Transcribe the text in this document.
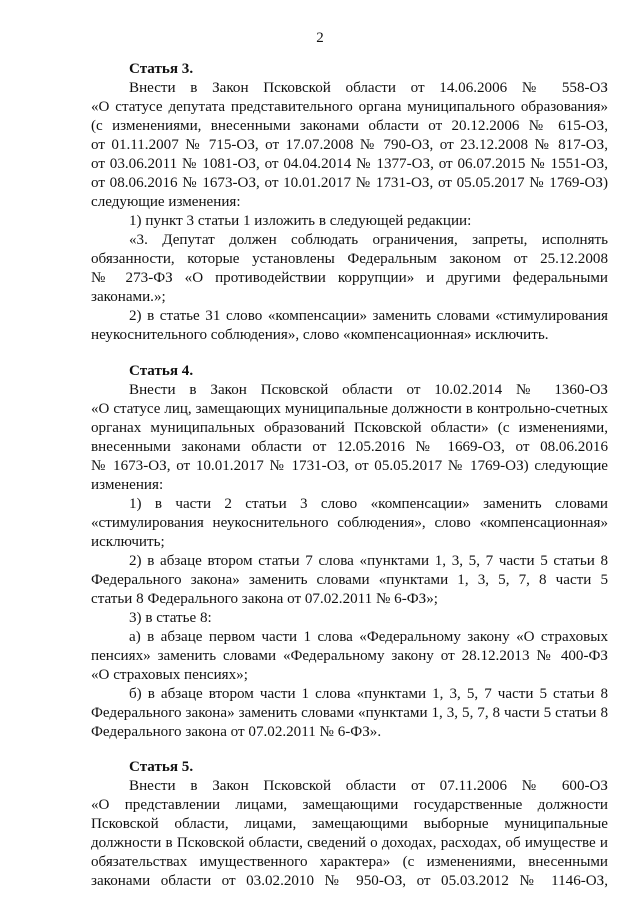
2
Статья 3.
Внести в Закон Псковской области от 14.06.2006 № 558-ОЗ
«О статусе депутата представительного органа муниципального образования»
(с изменениями, внесенными законами области от 20.12.2006 № 615-ОЗ,
от 01.11.2007 № 715-ОЗ, от 17.07.2008 № 790-ОЗ, от 23.12.2008 № 817-ОЗ,
от 03.06.2011 № 1081-ОЗ, от 04.04.2014 № 1377-ОЗ, от 06.07.2015 № 1551-ОЗ,
от 08.06.2016 № 1673-ОЗ, от 10.01.2017 № 1731-ОЗ, от 05.05.2017 № 1769-ОЗ)
следующие изменения:
1) пункт 3 статьи 1 изложить в следующей редакции:
«3. Депутат должен соблюдать ограничения, запреты, исполнять
обязанности, которые установлены Федеральным законом от 25.12.2008
№ 273-ФЗ «О противодействии коррупции» и другими федеральными
законами.»;
2) в статье 31 слово «компенсации» заменить словами «стимулирования
неукоснительного соблюдения», слово «компенсационная» исключить.
Статья 4.
Внести в Закон Псковской области от 10.02.2014 № 1360-ОЗ
«О статусе лиц, замещающих муниципальные должности в контрольно-счетных
органах муниципальных образований Псковской области» (с изменениями,
внесенными законами области от 12.05.2016 № 1669-ОЗ, от 08.06.2016
№ 1673-ОЗ, от 10.01.2017 № 1731-ОЗ, от 05.05.2017 № 1769-ОЗ) следующие
изменения:
1) в части 2 статьи 3 слово «компенсации» заменить словами
«стимулирования неукоснительного соблюдения», слово «компенсационная»
исключить;
2) в абзаце втором статьи 7 слова «пунктами 1, 3, 5, 7 части 5 статьи 8
Федерального закона» заменить словами «пунктами 1, 3, 5, 7, 8 части 5
статьи 8 Федерального закона от 07.02.2011 № 6-ФЗ»;
3) в статье 8:
а) в абзаце первом части 1 слова «Федеральному закону «О страховых
пенсиях» заменить словами «Федеральному закону от 28.12.2013 № 400-ФЗ
«О страховых пенсиях»;
б) в абзаце втором части 1 слова «пунктами 1, 3, 5, 7 части 5 статьи 8
Федерального закона» заменить словами «пунктами 1, 3, 5, 7, 8 части 5 статьи 8
Федерального закона от 07.02.2011 № 6-ФЗ».
Статья 5.
Внести в Закон Псковской области от 07.11.2006 № 600-ОЗ
«О представлении лицами, замещающими государственные должности
Псковской области, лицами, замещающими выборные муниципальные
должности в Псковской области, сведений о доходах, расходах, об имуществе и
обязательствах имущественного характера» (с изменениями, внесенными
законами области от 03.02.2010 № 950-ОЗ, от 05.03.2012 № 1146-ОЗ,
